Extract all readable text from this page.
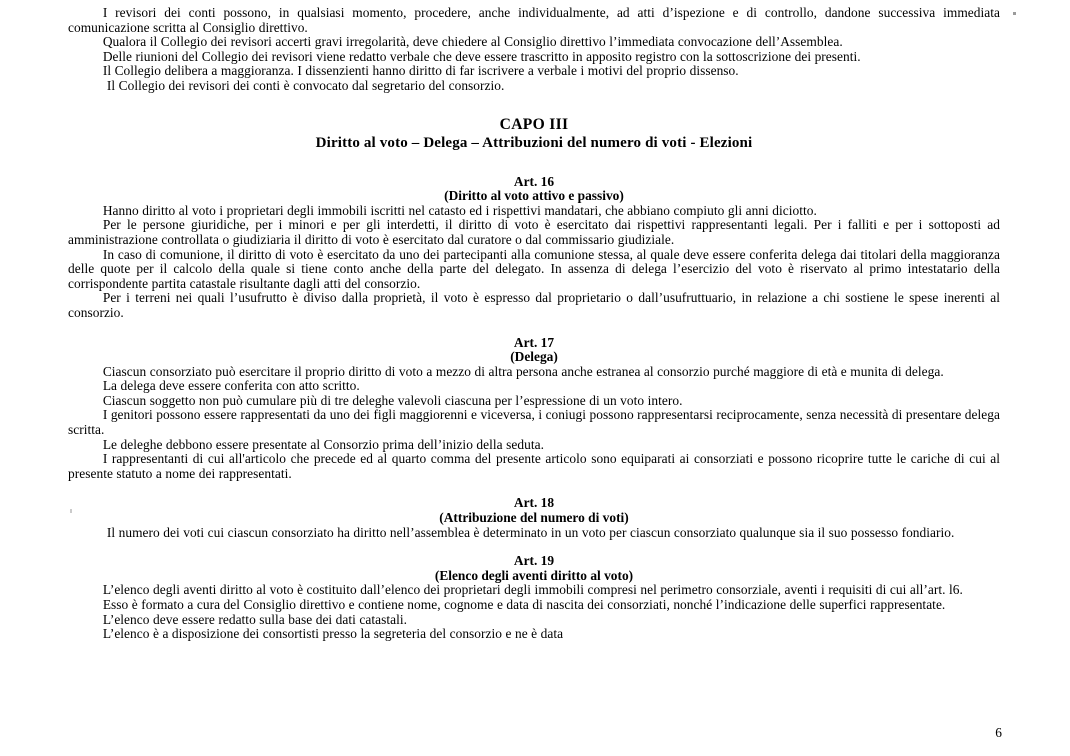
I revisori dei conti possono, in qualsiasi momento, procedere, anche individualmente, ad atti d’ispezione e di controllo, dandone successiva immediata comunicazione scritta al Consiglio direttivo.

Qualora il Collegio dei revisori accerti gravi irregolarità, deve chiedere al Consiglio direttivo l’immediata convocazione dell’Assemblea.

Delle riunioni del Collegio dei revisori viene redatto verbale che deve essere trascritto in apposito registro con la sottoscrizione dei presenti.

Il Collegio delibera a maggioranza. I dissenzienti hanno diritto di far iscrivere a verbale i motivi del proprio dissenso.

Il Collegio dei revisori dei conti è convocato dal segretario del consorzio.

CAPO III

Diritto al voto – Delega – Attribuzioni del numero di voti - Elezioni

Art. 16

(Diritto al voto attivo e passivo)

Hanno diritto al voto i proprietari degli immobili iscritti nel catasto ed i rispettivi mandatari, che abbiano compiuto gli anni diciotto.

Per le persone giuridiche, per i minori e per gli interdetti, il diritto di voto è esercitato dai rispettivi rappresentanti legali. Per i falliti e per i sottoposti ad amministrazione controllata o giudiziaria il diritto di voto è esercitato dal curatore o dal commissario giudiziale.

In caso di comunione, il diritto di voto è esercitato da uno dei partecipanti alla comunione stessa, al quale deve essere conferita delega dai titolari della maggioranza delle quote per il calcolo della quale si tiene conto anche della parte del delegato. In assenza di delega l’esercizio del voto è riservato al primo intestatario della corrispondente partita catastale risultante dagli atti del consorzio.

Per i terreni nei quali l’usufrutto è diviso dalla proprietà, il voto è espresso dal proprietario o dall’usufruttuario, in relazione a chi sostiene le spese inerenti al consorzio.

Art. 17

(Delega)

Ciascun consorziato può esercitare il proprio diritto di voto a mezzo di altra persona anche estranea al consorzio purché maggiore di età e munita di delega.

La delega deve essere conferita con atto scritto.

Ciascun soggetto non può cumulare più di tre deleghe valevoli ciascuna per l’espressione di un voto intero.

I genitori possono essere rappresentati da uno dei figli maggiorenni e viceversa, i coniugi possono rappresentarsi reciprocamente, senza necessità di presentare delega scritta.

Le deleghe debbono essere presentate al Consorzio prima dell’inizio della seduta.

I rappresentanti di cui all'articolo che precede ed al quarto comma del presente articolo sono equiparati ai consorziati e possono ricoprire tutte le cariche di cui al presente statuto a nome dei rappresentati.

Art. 18

(Attribuzione del numero di voti)

Il numero dei voti cui ciascun consorziato ha diritto nell’assemblea è determinato in un voto per ciascun consorziato qualunque sia il suo possesso fondiario.

Art. 19

(Elenco degli aventi diritto al voto)

L’elenco degli aventi diritto al voto è costituito dall’elenco dei proprietari degli immobili compresi nel perimetro consorziale, aventi i requisiti di cui all’art. l6.

Esso è formato a cura del Consiglio direttivo e contiene nome, cognome e data di nascita dei consorziati, nonché l’indicazione delle superfici rappresentate.

L’elenco deve essere redatto sulla base dei dati catastali.

L’elenco è a disposizione dei consortisti presso la segreteria del consorzio e ne è data

6
